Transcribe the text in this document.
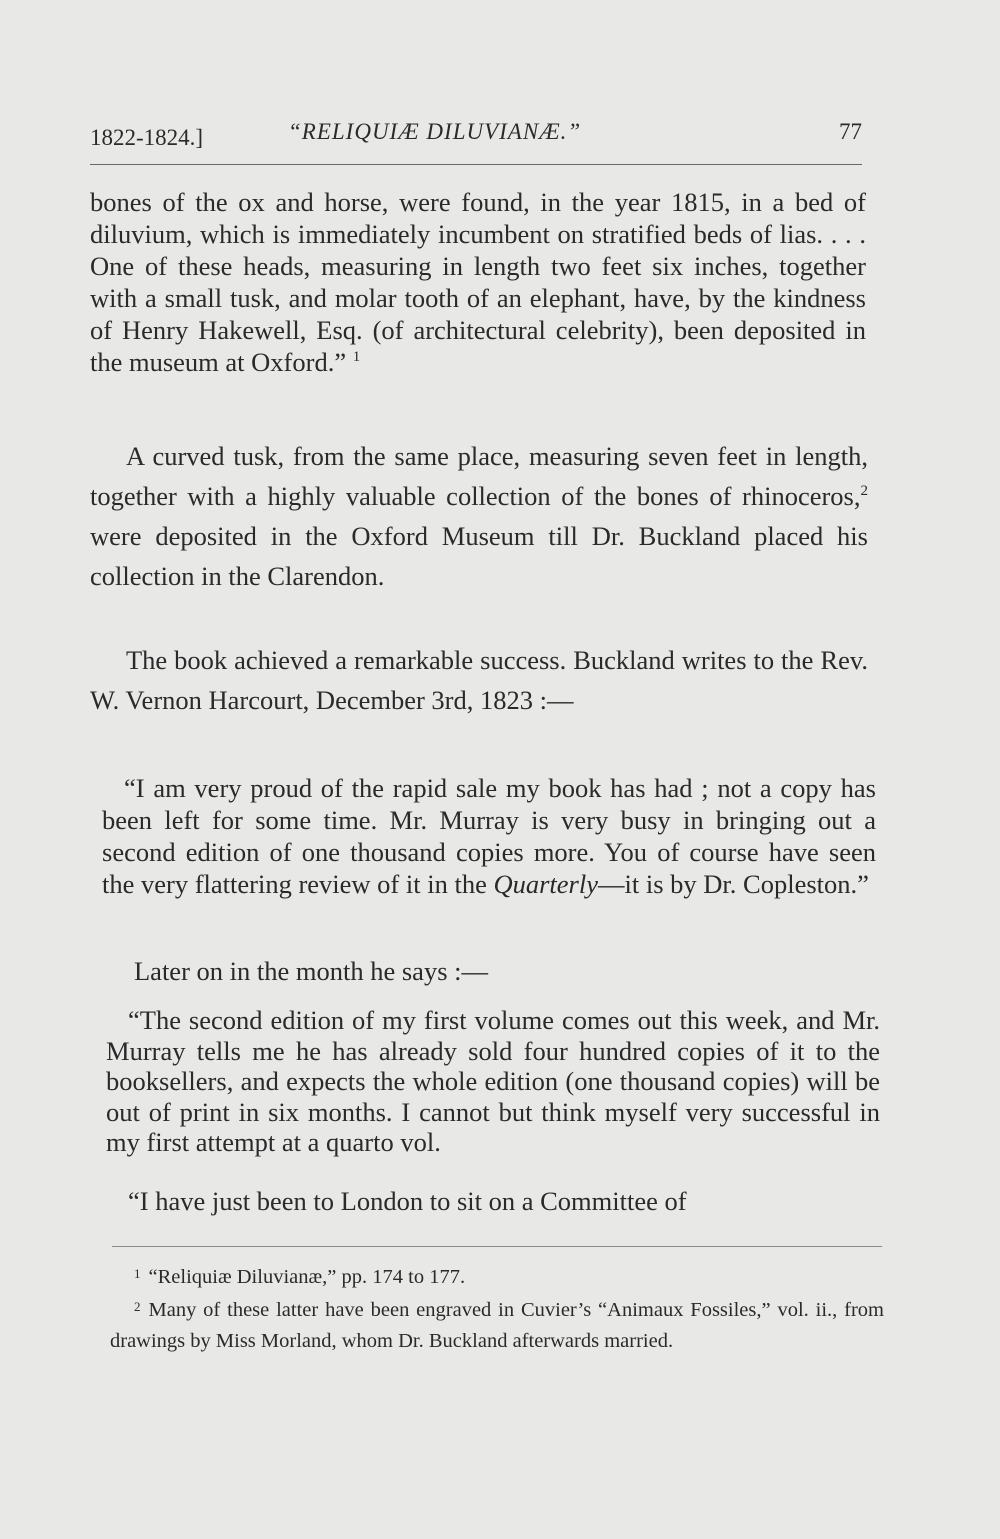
1822-1824.]	“RELIQUIÆ DILUVIANÆ.”	77

bones of the ox and horse, were found, in the year 1815, in a bed of diluvium, which is immediately incumbent on stratified beds of lias. . . . One of these heads, measuring in length two feet six inches, together with a small tusk, and molar tooth of an elephant, have, by the kindness of Henry Hakewell, Esq. (of architectural celebrity), been deposited in the museum at Oxford.” $^1$

A curved tusk, from the same place, measuring seven feet in length, together with a highly valuable collection of the bones of rhinoceros,$^2$ were deposited in the Oxford Museum till Dr. Buckland placed his collection in the Clarendon.

The book achieved a remarkable success. Buckland writes to the Rev. W. Vernon Harcourt, December 3rd, 1823 :—

“I am very proud of the rapid sale my book has had ; not a copy has been left for some time. Mr. Murray is very busy in bringing out a second edition of one thousand copies more. You of course have seen the very flattering review of it in the Quarterly—it is by Dr. Copleston.”

Later on in the month he says :—

“The second edition of my first volume comes out this week, and Mr. Murray tells me he has already sold four hundred copies of it to the booksellers, and expects the whole edition (one thousand copies) will be out of print in six months. I cannot but think myself very successful in my first attempt at a quarto vol.

“I have just been to London to sit on a Committee of

$^1$ “Reliquiæ Diluvianæ,” pp. 174 to 177.

$^2$ Many of these latter have been engraved in Cuvier’s “Animaux Fossiles,” vol. ii., from drawings by Miss Morland, whom Dr. Buckland afterwards married.
